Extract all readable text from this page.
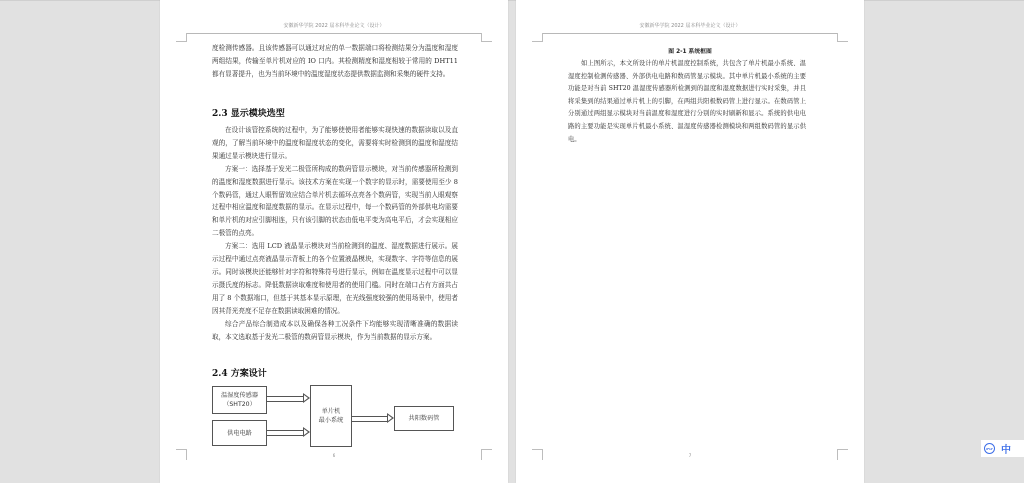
安徽新华学院 2022 届本科毕业论文（设计）

度检测传感器。且该传感器可以通过对应的单一数据端口将检测结果分为温度和湿度两组结果，传输至单片机对应的 IO 口内。其检测精度和湿度相较于常用的 DHT11 都有显著提升，也为当前环境中的温度湿度状态提供数据监测和采集的硬件支持。

2.3 显示模块选型

在设计该管控系统的过程中，为了能够使使用者能够实现快速的数据读取以及直观的，了解当前环境中的温度和湿度状态的变化，需要将实时检测到的温度和湿度结果通过显示模块进行显示。

方案一：选择基于发光二极管所构成的数码管显示模块，对当前传感器所检测到的温度和湿度数据进行显示。该技术方案在实现一个数字的显示时，需要使用至少 8 个数码管，通过人眼暂留效应结合单片机去循环点亮各个数码管，实现当前人眼观察过程中相应温度和湿度数据的显示。在显示过程中，每一个数码管的外部供电均需要和单片机的对应引脚相连，只有该引脚的状态由低电平变为高电平后，才会实现相应二极管的点亮。

方案二：选用 LCD 液晶显示模块对当前检测到的温度、湿度数据进行展示。展示过程中通过点亮液晶显示背板上的各个位置液晶模块，实现数字、字符等信息的展示。同时该模块还能够针对字符和特殊符号进行显示，例如在温度显示过程中可以显示摄氏度的标志。降低数据读取难度和使用者的使用门槛。同时在端口占有方面共占用了 8 个数据端口，但基于其基本显示原理，在光线强度较强的使用场景中，使用者因其背光亮度不足存在数据读取困难的情况。

综合产品综合制造成本以及确保各种工况条件下均能够实现清晰准确的数据读取，本文选取基于发光二极管的数码管显示模块，作为当前数据的显示方案。

2.4 方案设计
温湿度传感器
（SHT20）
供电电路
单片机
最小系统	共阳数码管
6
安徽新华学院 2022 届本科毕业论文（设计）
图 2-1 系统框图

如上图所示，本文所设计的单片机温度控制系统，共包含了单片机最小系统、温湿度控制检测传感器、外部供电电路和数码管显示模块。其中单片机最小系统的主要功能是对当前 SHT20 温湿度传感器所检测到的温度和湿度数据进行实时采集，并且将采集到的结果通过单片机上的引脚，在两组共阳极数码管上进行显示。在数码管上分别通过两组显示模块对当前温度和湿度进行分别的实时刷新和显示。系统的供电电路的主要功能是实现单片机最小系统、温湿度传感器检测模块和两组数码管的显示供电。

7
iFLY 中
